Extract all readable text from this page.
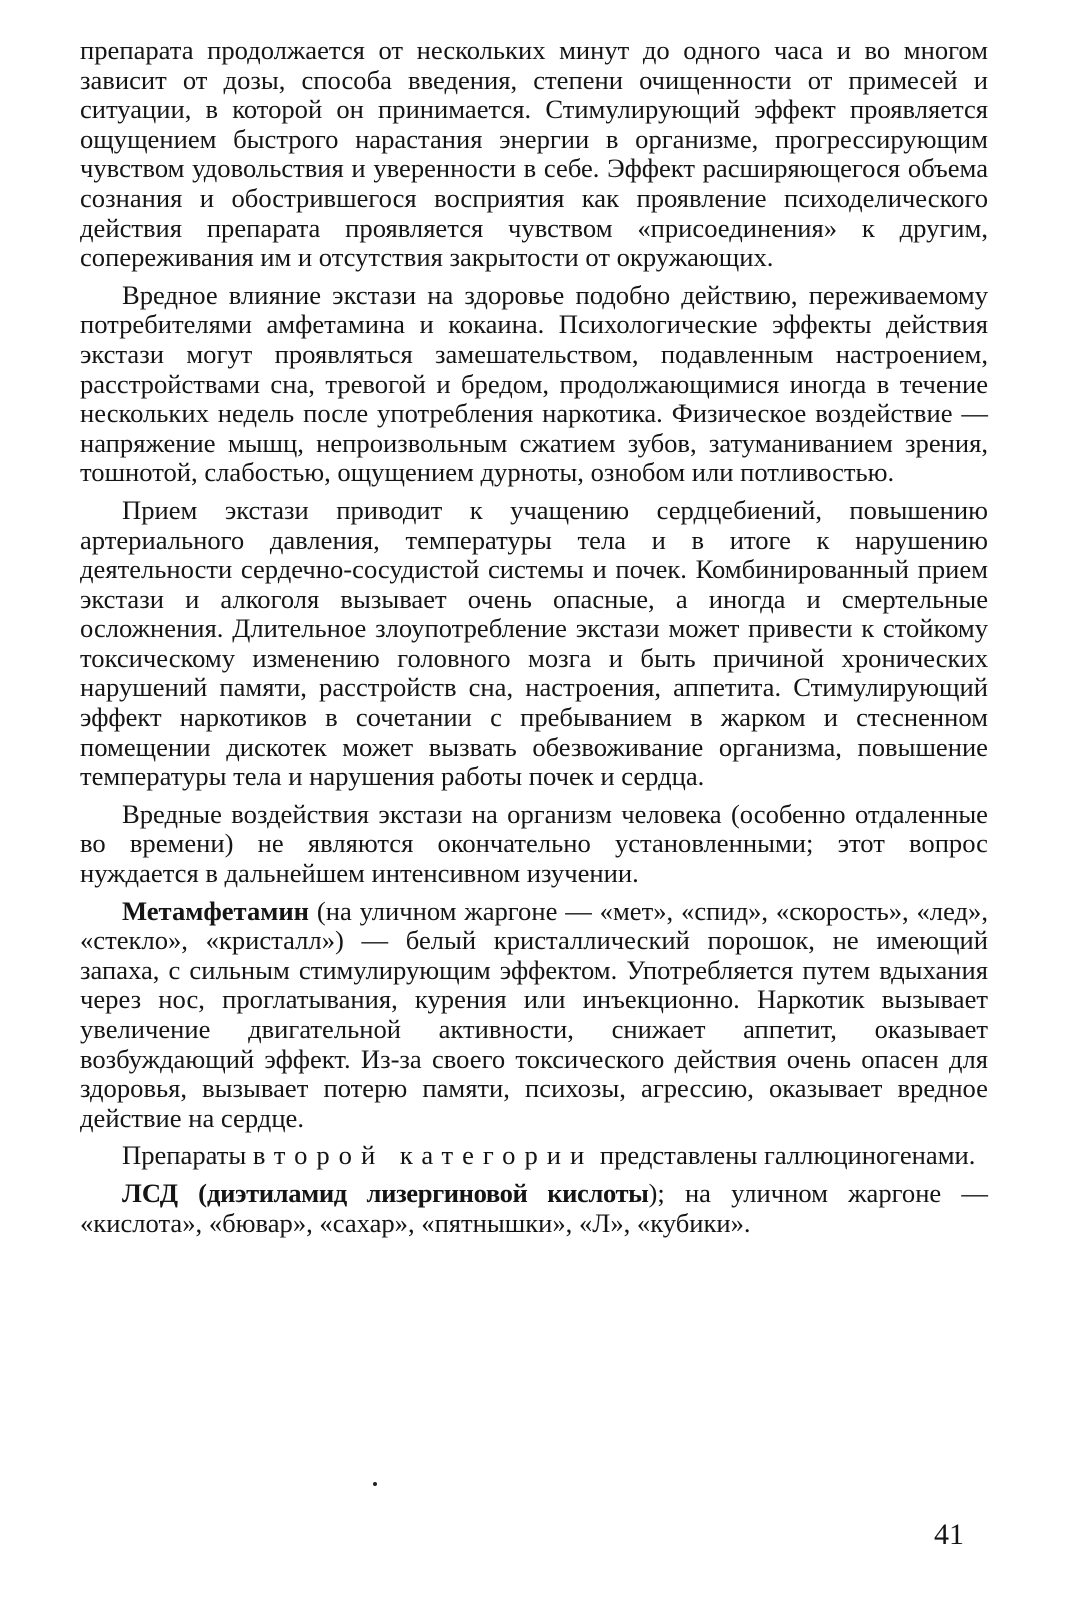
препарата продолжается от нескольких минут до одного часа и во многом зависит от дозы, способа введения, степени очищенности от примесей и ситуации, в которой он принимается. Стимулирующий эффект проявляется ощущением быстрого нарастания энергии в организме, прогрессирующим чувством удовольствия и уверенности в себе. Эффект расширяющегося объема сознания и обострившегося восприятия как проявление психоделического действия препарата проявляется чувством «присоединения» к другим, сопереживания им и отсутствия закрытости от окружающих.

Вредное влияние экстази на здоровье подобно действию, переживаемому потребителями амфетамина и кокаина. Психологические эффекты действия экстази могут проявляться замешательством, подавленным настроением, расстройствами сна, тревогой и бредом, продолжающимися иногда в течение нескольких недель после употребления наркотика. Физическое воздействие — напряжение мышц, непроизвольным сжатием зубов, затуманиванием зрения, тошнотой, слабостью, ощущением дурноты, ознобом или потливостью.

Прием экстази приводит к учащению сердцебиений, повышению артериального давления, температуры тела и в итоге к нарушению деятельности сердечно-сосудистой системы и почек. Комбинированный прием экстази и алкоголя вызывает очень опасные, а иногда и смертельные осложнения. Длительное злоупотребление экстази может привести к стойкому токсическому изменению головного мозга и быть причиной хронических нарушений памяти, расстройств сна, настроения, аппетита. Стимулирующий эффект наркотиков в сочетании с пребыванием в жарком и стесненном помещении дискотек может вызвать обезвоживание организма, повышение температуры тела и нарушения работы почек и сердца.

Вредные воздействия экстази на организм человека (особенно отдаленные во времени) не являются окончательно установленными; этот вопрос нуждается в дальнейшем интенсивном изучении.

Метамфетамин (на уличном жаргоне — «мет», «спид», «скорость», «лед», «стекло», «кристалл») — белый кристаллический порошок, не имеющий запаха, с сильным стимулирующим эффектом. Употребляется путем вдыхания через нос, проглатывания, курения или инъекционно. Наркотик вызывает увеличение двигательной активности, снижает аппетит, оказывает возбуждающий эффект. Из-за своего токсического действия очень опасен для здоровья, вызывает потерю памяти, психозы, агрессию, оказывает вредное действие на сердце.

Препараты второй категории представлены галлюциногенами.

ЛСД (диэтиламид лизергиновой кислоты); на уличном жаргоне — «кислота», «бювар», «сахар», «пятнышки», «Л», «кубики».

41
